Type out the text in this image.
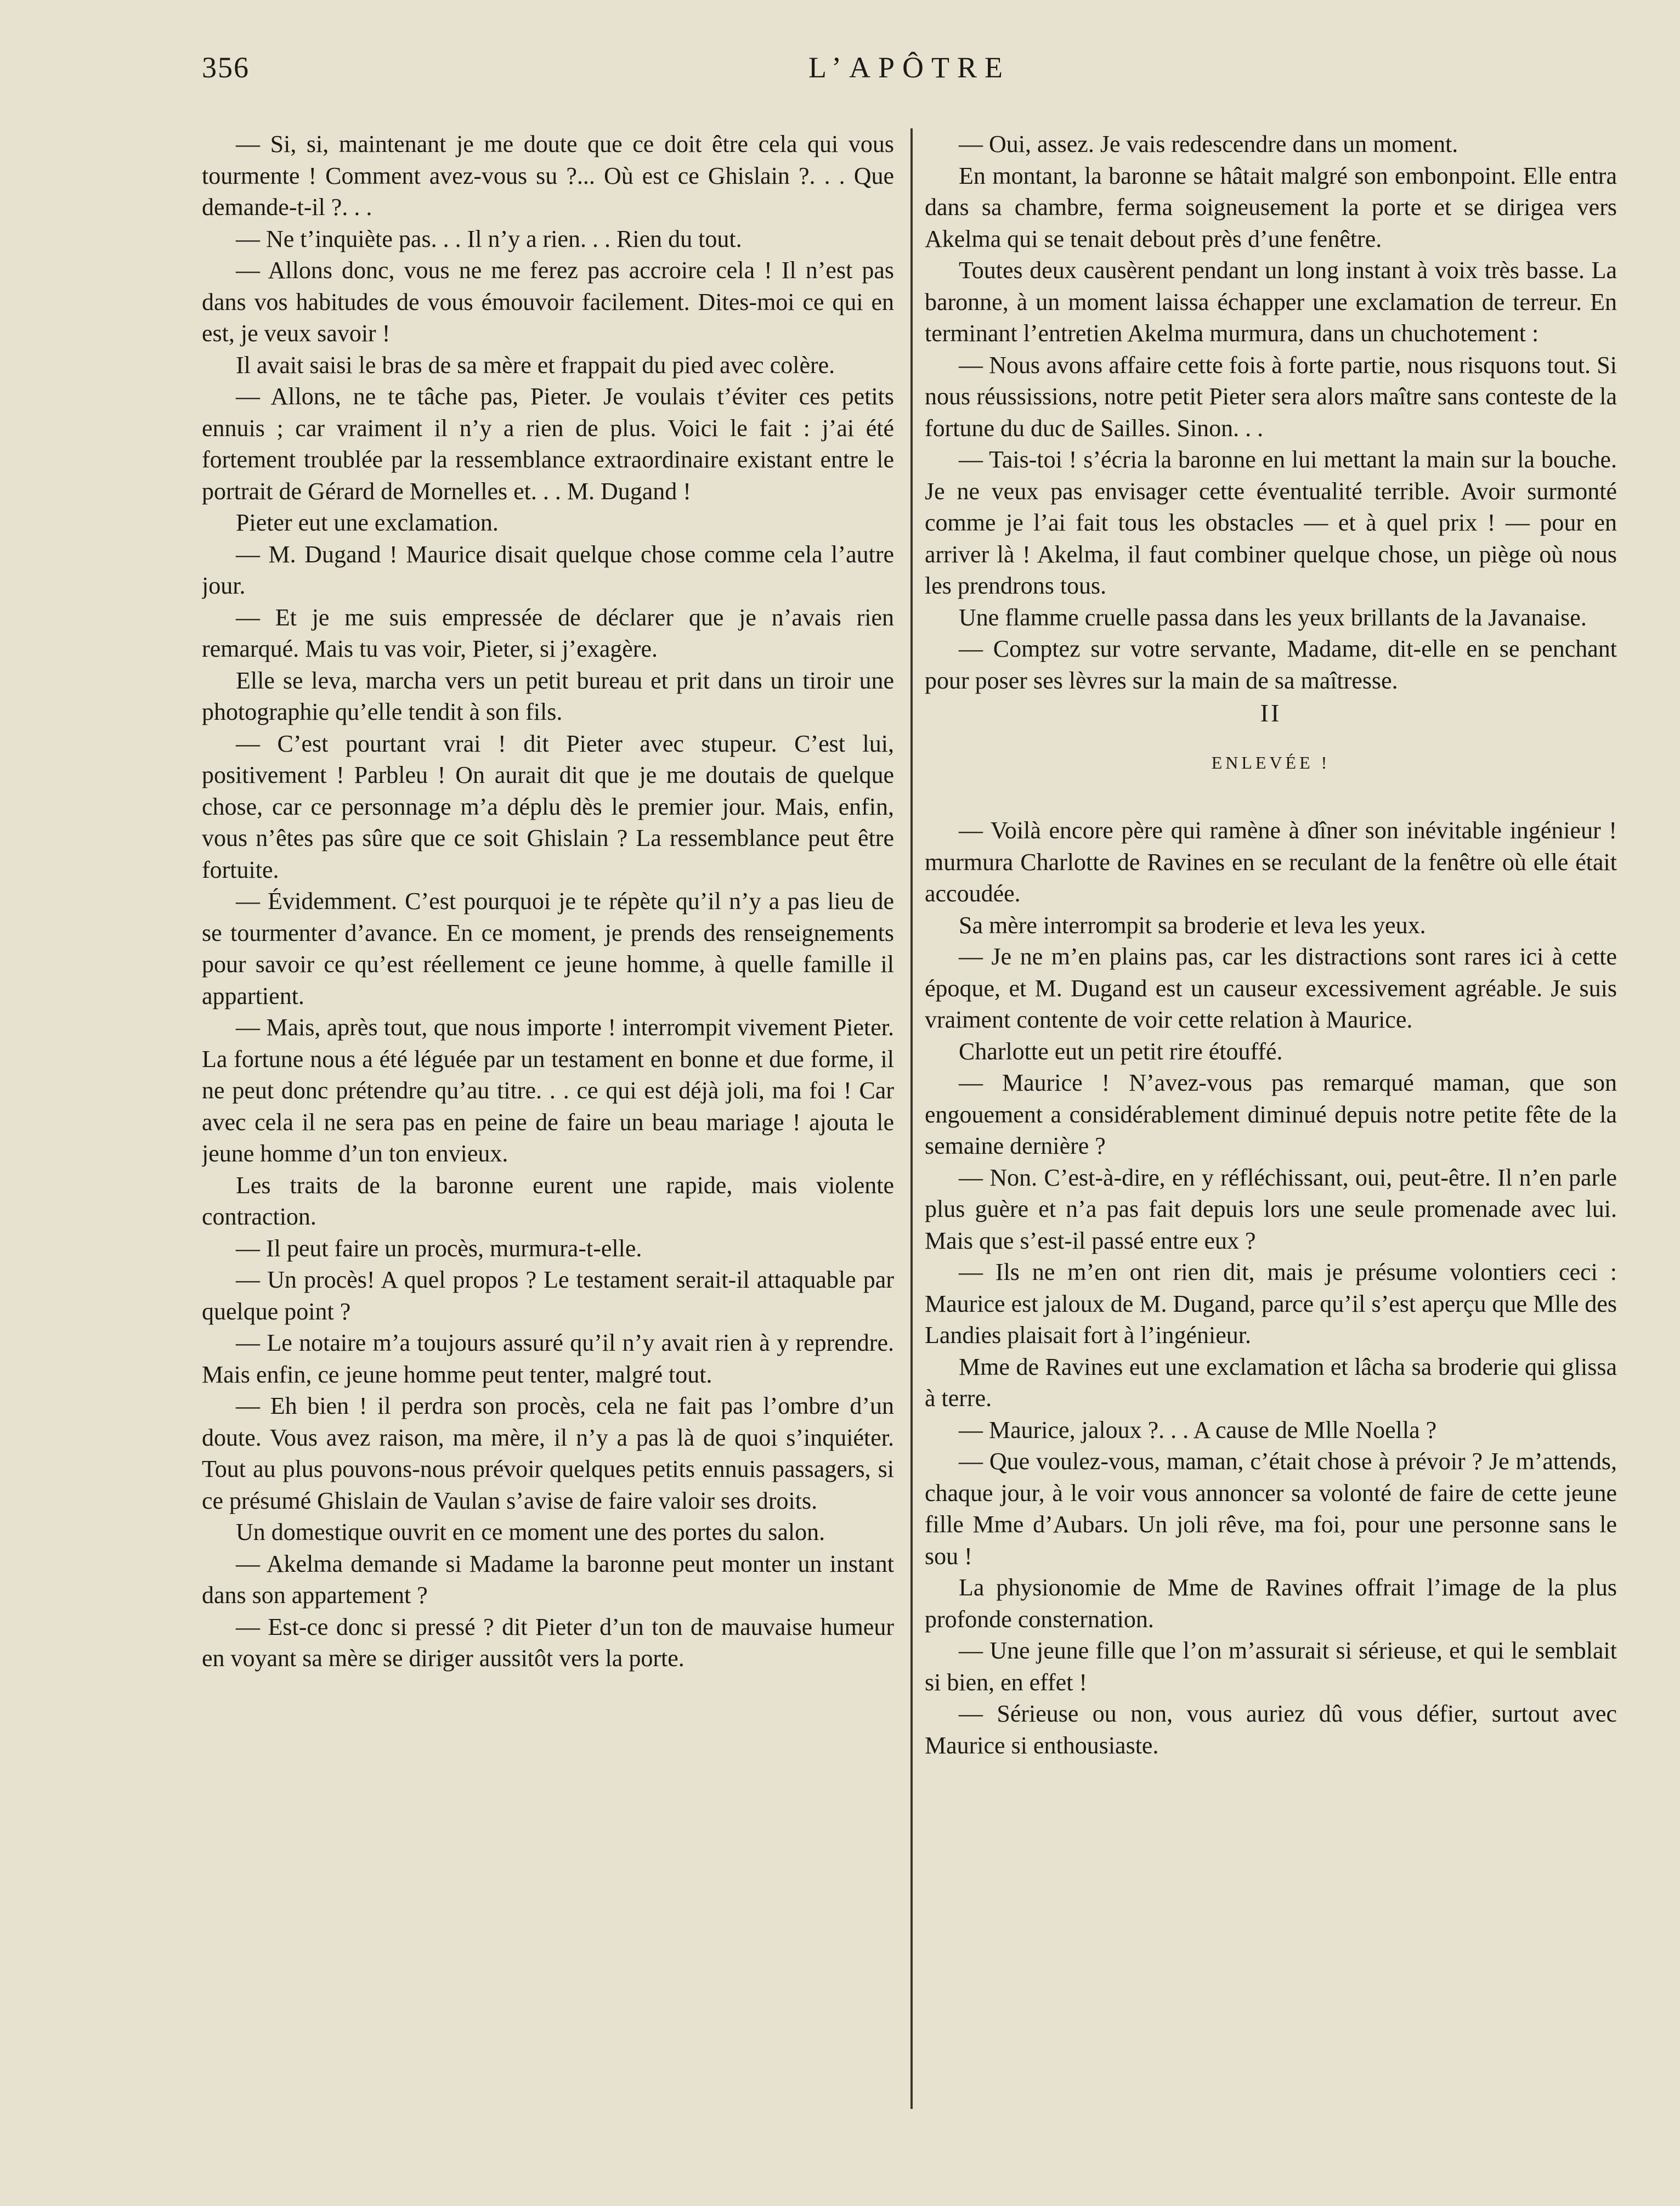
356	L’APÔTRE

— Si, si, maintenant je me doute que ce doit être cela qui vous tourmente ! Comment avez-vous su ?... Où est ce Ghislain ?. . . Que demande-t-il ?. . .

— Ne t’inquiète pas. . . Il n’y a rien. . . Rien du tout.

— Allons donc, vous ne me ferez pas accroire cela ! Il n’est pas dans vos habitudes de vous émouvoir facilement. Dites-moi ce qui en est, je veux savoir !

Il avait saisi le bras de sa mère et frappait du pied avec colère.

— Allons, ne te tâche pas, Pieter. Je voulais t’éviter ces petits ennuis ; car vraiment il n’y a rien de plus. Voici le fait : j’ai été fortement troublée par la ressemblance extraordinaire existant entre le portrait de Gérard de Mornelles et. . . M. Dugand !

Pieter eut une exclamation.

— M. Dugand ! Maurice disait quelque chose comme cela l’autre jour.

— Et je me suis empressée de déclarer que je n’avais rien remarqué. Mais tu vas voir, Pieter, si j’exagère.

Elle se leva, marcha vers un petit bureau et prit dans un tiroir une photographie qu’elle tendit à son fils.

— C’est pourtant vrai ! dit Pieter avec stupeur. C’est lui, positivement ! Parbleu ! On aurait dit que je me doutais de quelque chose, car ce personnage m’a déplu dès le premier jour. Mais, enfin, vous n’êtes pas sûre que ce soit Ghislain ? La ressemblance peut être fortuite.

— Évidemment. C’est pourquoi je te répète qu’il n’y a pas lieu de se tourmenter d’avance. En ce moment, je prends des renseignements pour savoir ce qu’est réellement ce jeune homme, à quelle famille il appartient.

— Mais, après tout, que nous importe ! interrompit vivement Pieter. La fortune nous a été léguée par un testament en bonne et due forme, il ne peut donc prétendre qu’au titre. . . ce qui est déjà joli, ma foi ! Car avec cela il ne sera pas en peine de faire un beau mariage ! ajouta le jeune homme d’un ton envieux.

Les traits de la baronne eurent une rapide, mais violente contraction.

— Il peut faire un procès, murmura-t-elle.

— Un procès! A quel propos ? Le testament serait-il attaquable par quelque point ?

— Le notaire m’a toujours assuré qu’il n’y avait rien à y reprendre. Mais enfin, ce jeune homme peut tenter, malgré tout.

— Eh bien ! il perdra son procès, cela ne fait pas l’ombre d’un doute. Vous avez raison, ma mère, il n’y a pas là de quoi s’inquiéter. Tout au plus pouvons-nous prévoir quelques petits ennuis passagers, si ce présumé Ghislain de Vaulan s’avise de faire valoir ses droits.

Un domestique ouvrit en ce moment une des portes du salon.

— Akelma demande si Madame la baronne peut monter un instant dans son appartement ?

— Est-ce donc si pressé ? dit Pieter d’un ton de mauvaise humeur en voyant sa mère se diriger aussitôt vers la porte.

— Oui, assez. Je vais redescendre dans un moment.

En montant, la baronne se hâtait malgré son embonpoint. Elle entra dans sa chambre, ferma soigneusement la porte et se dirigea vers Akelma qui se tenait debout près d’une fenêtre.

Toutes deux causèrent pendant un long instant à voix très basse. La baronne, à un moment laissa échapper une exclamation de terreur. En terminant l’entretien Akelma murmura, dans un chuchotement :

— Nous avons affaire cette fois à forte partie, nous risquons tout. Si nous réussissions, notre petit Pieter sera alors maître sans conteste de la fortune du duc de Sailles. Sinon. . .

— Tais-toi ! s’écria la baronne en lui mettant la main sur la bouche. Je ne veux pas envisager cette éventualité terrible. Avoir surmonté comme je l’ai fait tous les obstacles — et à quel prix ! — pour en arriver là ! Akelma, il faut combiner quelque chose, un piège où nous les prendrons tous.

Une flamme cruelle passa dans les yeux brillants de la Javanaise.

— Comptez sur votre servante, Madame, dit-elle en se penchant pour poser ses lèvres sur la main de sa maîtresse.

II
ENLEVÉE !

— Voilà encore père qui ramène à dîner son inévitable ingénieur ! murmura Charlotte de Ravines en se reculant de la fenêtre où elle était accoudée.

Sa mère interrompit sa broderie et leva les yeux.

— Je ne m’en plains pas, car les distractions sont rares ici à cette époque, et M. Dugand est un causeur excessivement agréable. Je suis vraiment contente de voir cette relation à Maurice.

Charlotte eut un petit rire étouffé.

— Maurice ! N’avez-vous pas remarqué maman, que son engouement a considérablement diminué depuis notre petite fête de la semaine dernière ?

— Non. C’est-à-dire, en y réfléchissant, oui, peut-être. Il n’en parle plus guère et n’a pas fait depuis lors une seule promenade avec lui. Mais que s’est-il passé entre eux ?

— Ils ne m’en ont rien dit, mais je présume volontiers ceci : Maurice est jaloux de M. Dugand, parce qu’il s’est aperçu que Mlle des Landies plaisait fort à l’ingénieur.

Mme de Ravines eut une exclamation et lâcha sa broderie qui glissa à terre.

— Maurice, jaloux ?. . . A cause de Mlle Noella ?

— Que voulez-vous, maman, c’était chose à prévoir ? Je m’attends, chaque jour, à le voir vous annoncer sa volonté de faire de cette jeune fille Mme d’Aubars. Un joli rêve, ma foi, pour une personne sans le sou !

La physionomie de Mme de Ravines offrait l’image de la plus profonde consternation.

— Une jeune fille que l’on m’assurait si sérieuse, et qui le semblait si bien, en effet !

— Sérieuse ou non, vous auriez dû vous défier, surtout avec Maurice si enthousiaste.
